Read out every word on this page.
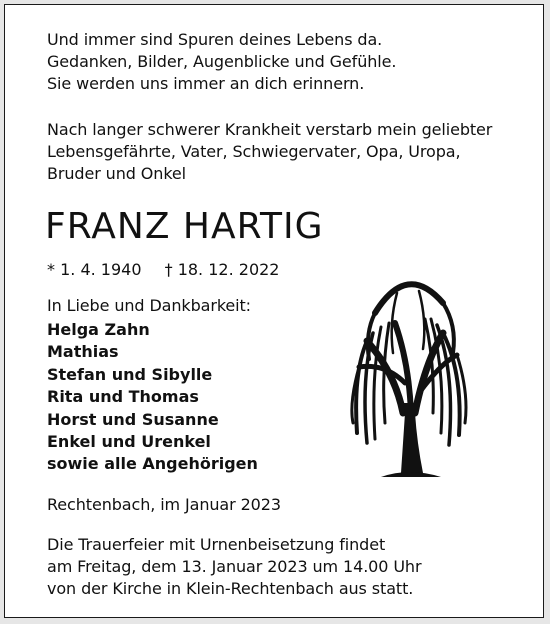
Und immer sind Spuren deines Lebens da.
Gedanken, Bilder, Augenblicke und Gefühle.
Sie werden uns immer an dich erinnern.

Nach langer schwerer Krankheit verstarb mein geliebter
Lebensgefährte, Vater, Schwiegervater, Opa, Uropa,
Bruder und Onkel

FRANZ HARTIG
* 1. 4. 1940 † 18. 12. 2022

In Liebe und Dankbarkeit:

Helga Zahn
Mathias
Stefan und Sibylle
Rita und Thomas
Horst und Susanne
Enkel und Urenkel
sowie alle Angehörigen

Rechtenbach, im Januar 2023

Die Trauerfeier mit Urnenbeisetzung findet
am Freitag, dem 13. Januar 2023 um 14.00 Uhr
von der Kirche in Klein-Rechtenbach aus statt.
